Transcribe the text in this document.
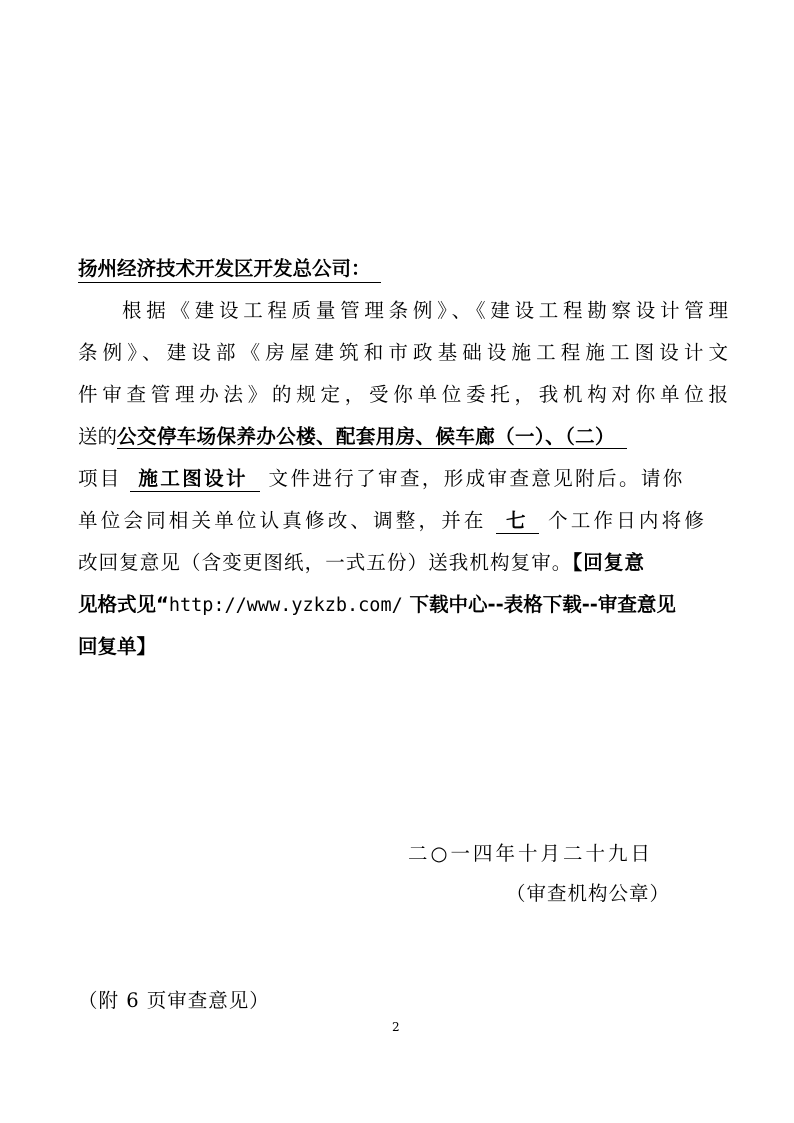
扬州经济技术开发区开发总公司：
根据《建设工程质量管理条例》、《建设工程勘察设计管理
条例》、建设部《房屋建筑和市政基础设施工程施工图设计文
件审查管理办法》的规定，受你单位委托，我机构对你单位报
送的公交停车场保养办公楼、配套用房、候车廊（一）、（二）
项目 施工图设计 文件进行了审查，形成审查意见附后。请你
单位会同相关单位认真修改、调整，并在 七 个工作日内将修
改回复意见（含变更图纸，一式五份）送我机构复审。【回复意
见格式见“http://www.yzkzb.com/ 下载中心--表格下载--审查意见
回复单】
二○一四年十月二十九日
（审查机构公章）
（附 6 页审查意见）
2
